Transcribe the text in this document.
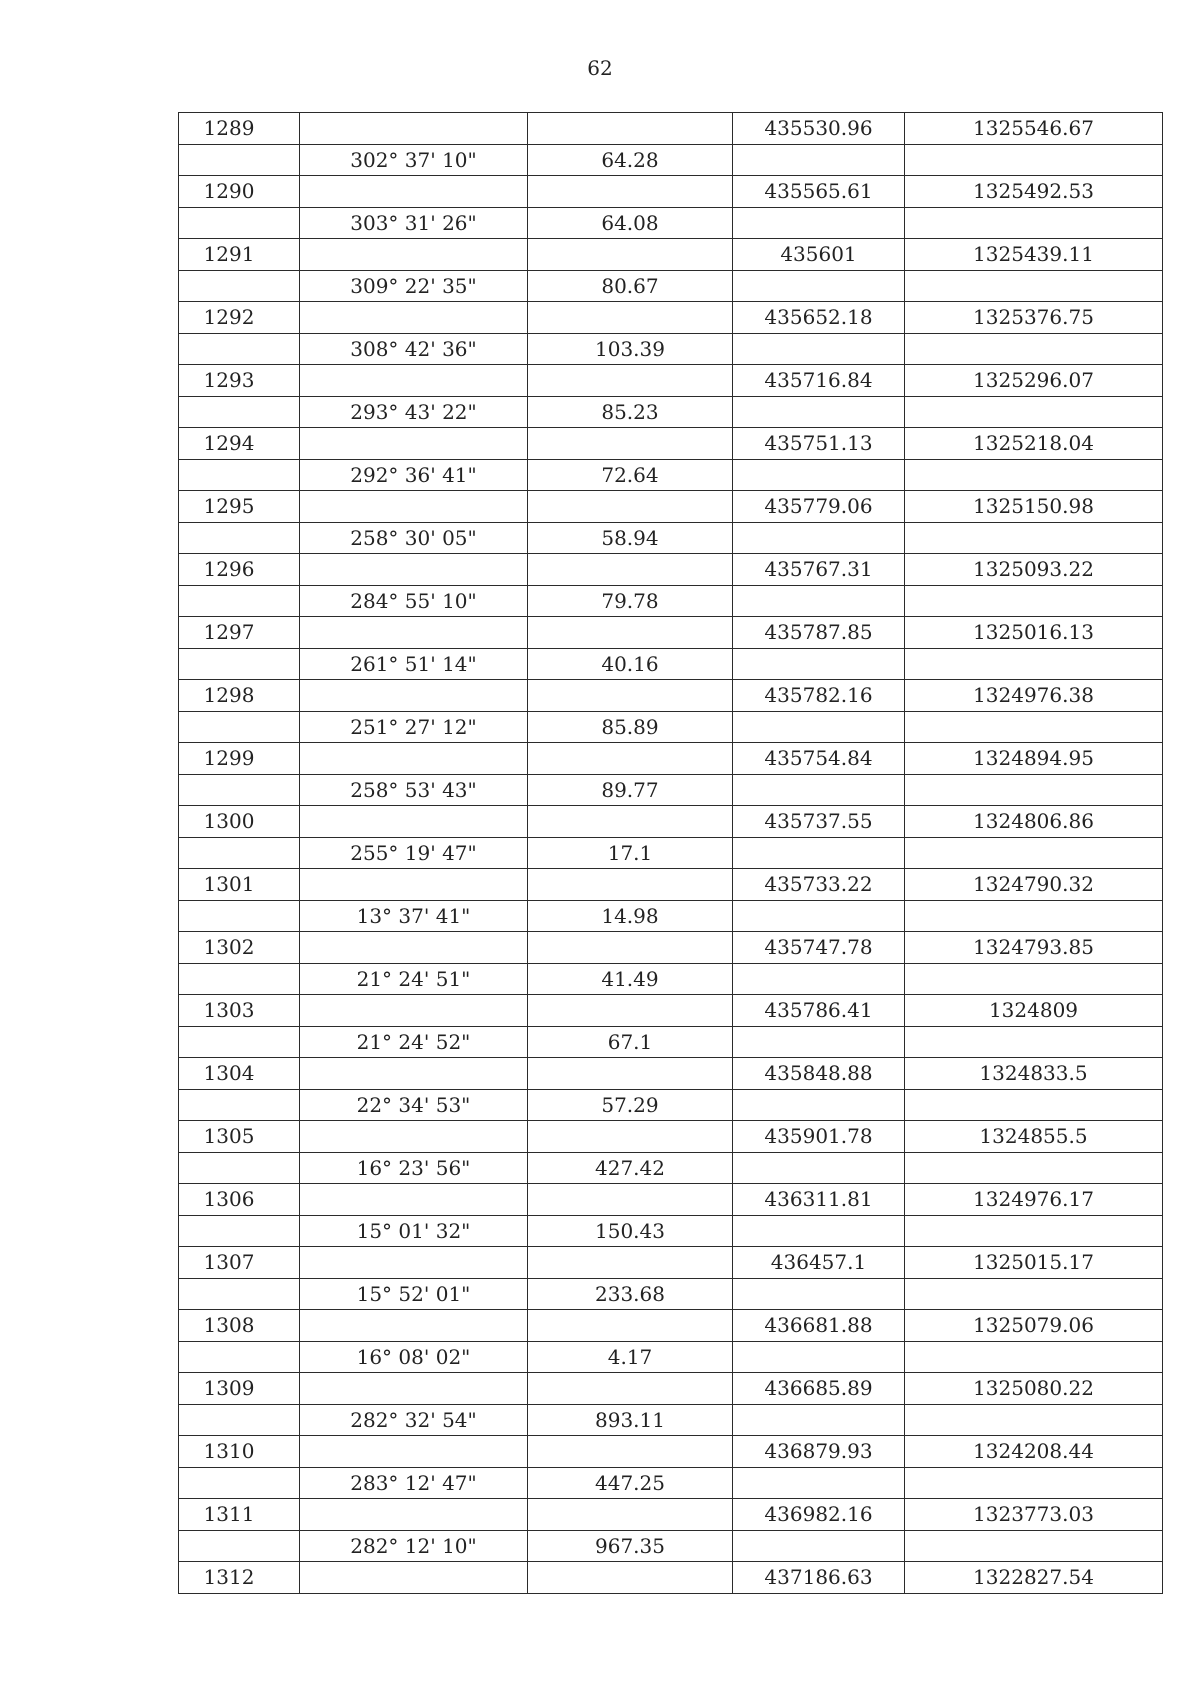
62
1289			435530.96	1325546.67
	302° 37' 10"	64.28		
1290			435565.61	1325492.53
	303° 31' 26"	64.08		
1291			435601	1325439.11
	309° 22' 35"	80.67		
1292			435652.18	1325376.75
	308° 42' 36"	103.39		
1293			435716.84	1325296.07
	293° 43' 22"	85.23		
1294			435751.13	1325218.04
	292° 36' 41"	72.64		
1295			435779.06	1325150.98
	258° 30' 05"	58.94		
1296			435767.31	1325093.22
	284° 55' 10"	79.78		
1297			435787.85	1325016.13
	261° 51' 14"	40.16		
1298			435782.16	1324976.38
	251° 27' 12"	85.89		
1299			435754.84	1324894.95
	258° 53' 43"	89.77		
1300			435737.55	1324806.86
	255° 19' 47"	17.1		
1301			435733.22	1324790.32
	13° 37' 41"	14.98		
1302			435747.78	1324793.85
	21° 24' 51"	41.49		
1303			435786.41	1324809
	21° 24' 52"	67.1		
1304			435848.88	1324833.5
	22° 34' 53"	57.29		
1305			435901.78	1324855.5
	16° 23' 56"	427.42		
1306			436311.81	1324976.17
	15° 01' 32"	150.43		
1307			436457.1	1325015.17
	15° 52' 01"	233.68		
1308			436681.88	1325079.06
	16° 08' 02"	4.17		
1309			436685.89	1325080.22
	282° 32' 54"	893.11		
1310			436879.93	1324208.44
	283° 12' 47"	447.25		
1311			436982.16	1323773.03
	282° 12' 10"	967.35		
1312			437186.63	1322827.54
